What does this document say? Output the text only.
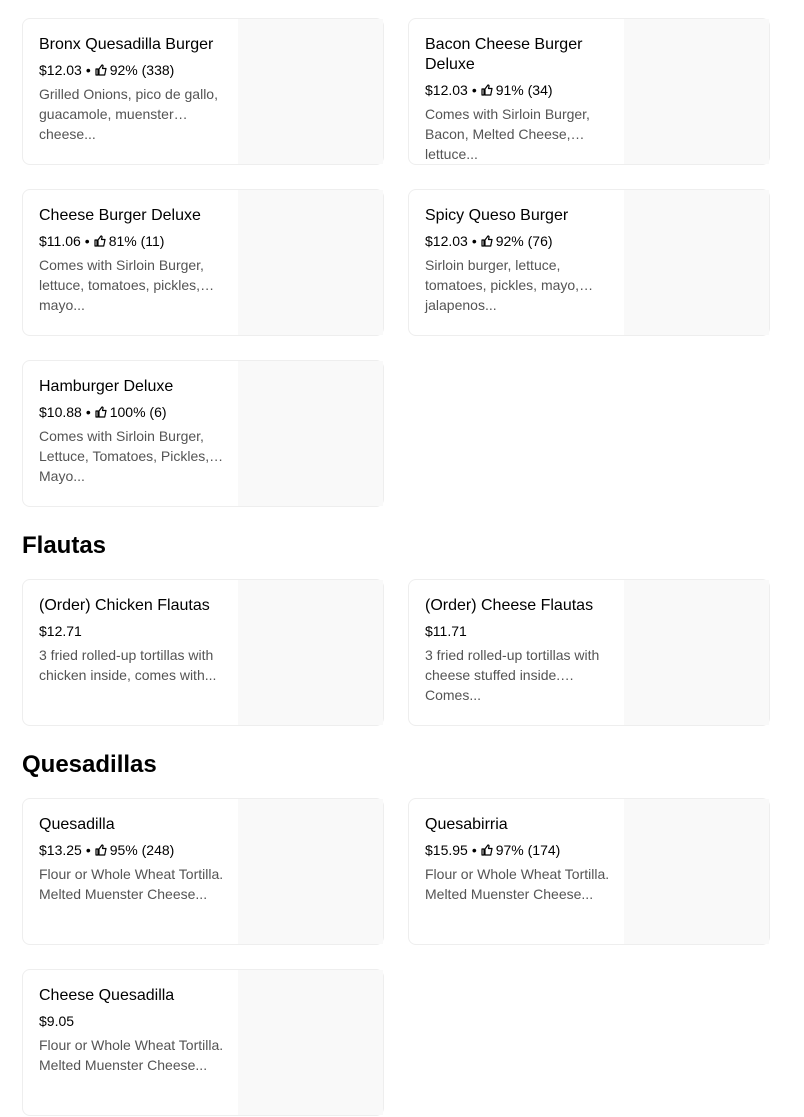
Bronx Quesadilla Burger
$12.03 • 92% (338)
Grilled Onions, pico de gallo, guacamole, muenster cheese...
Bacon Cheese Burger Deluxe
$12.03 • 91% (34)
Comes with Sirloin Burger, Bacon, Melted Cheese, lettuce...
Cheese Burger Deluxe
$11.06 • 81% (11)
Comes with Sirloin Burger, lettuce, tomatoes, pickles, mayo...
Spicy Queso Burger
$12.03 • 92% (76)
Sirloin burger, lettuce, tomatoes, pickles, mayo, jalapenos...
Hamburger Deluxe
$10.88 • 100% (6)
Comes with Sirloin Burger, Lettuce, Tomatoes, Pickles, Mayo...
Flautas
(Order) Chicken Flautas
$12.71
3 fried rolled-up tortillas with chicken inside, comes with...
(Order) Cheese Flautas
$11.71
3 fried rolled-up tortillas with cheese stuffed inside. Comes...
Quesadillas
Quesadilla
$13.25 • 95% (248)
Flour or Whole Wheat Tortilla. Melted Muenster Cheese...
Quesabirria
$15.95 • 97% (174)
Flour or Whole Wheat Tortilla. Melted Muenster Cheese...
Cheese Quesadilla
$9.05
Flour or Whole Wheat Tortilla. Melted Muenster Cheese...
